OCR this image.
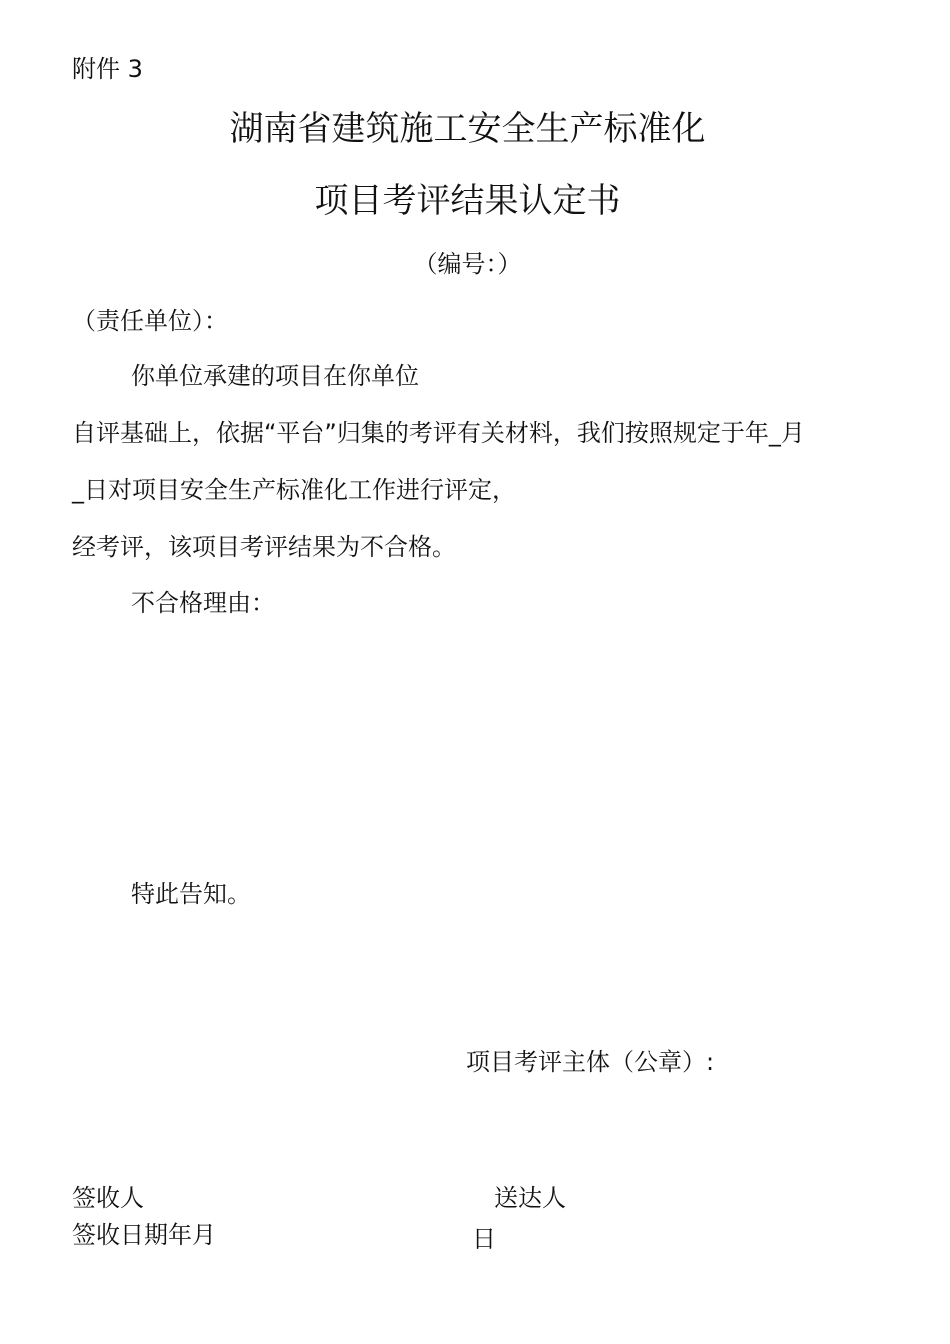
附件 3
湖南省建筑施工安全生产标准化
项目考评结果认定书
（编号：）
（责任单位）：
你单位承建的项目在你单位
自评基础上，依据“平台”归集的考评有关材料，我们按照规定于年_月
_日对项目安全生产标准化工作进行评定，
经考评，该项目考评结果为不合格。
不合格理由：
特此告知。
项目考评主体（公章）:
签收人	送达人
签收日期年月	日
